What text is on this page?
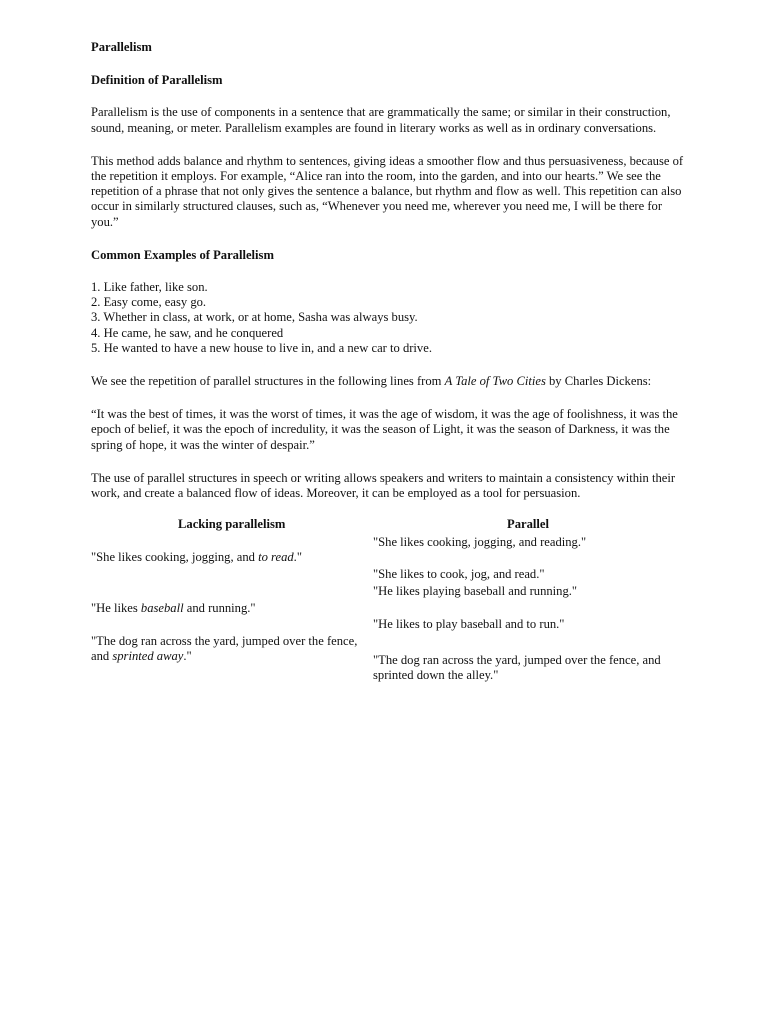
Parallelism

Definition of Parallelism

Parallelism is the use of components in a sentence that are grammatically the same; or similar in their construction, sound, meaning, or meter. Parallelism examples are found in literary works as well as in ordinary conversations.

This method adds balance and rhythm to sentences, giving ideas a smoother flow and thus persuasiveness, because of the repetition it employs. For example, “Alice ran into the room, into the garden, and into our hearts.” We see the repetition of a phrase that not only gives the sentence a balance, but rhythm and flow as well. This repetition can also occur in similarly structured clauses, such as, “Whenever you need me, wherever you need me, I will be there for you.”

Common Examples of Parallelism

1. Like father, like son.
2. Easy come, easy go.
3. Whether in class, at work, or at home, Sasha was always busy.
4. He came, he saw, and he conquered
5. He wanted to have a new house to live in, and a new car to drive.

We see the repetition of parallel structures in the following lines from A Tale of Two Cities by Charles Dickens:

“It was the best of times, it was the worst of times, it was the age of wisdom, it was the age of foolishness, it was the epoch of belief, it was the epoch of incredulity, it was the season of Light, it was the season of Darkness, it was the spring of hope, it was the winter of despair.”

The use of parallel structures in speech or writing allows speakers and writers to maintain a consistency within their work, and create a balanced flow of ideas. Moreover, it can be employed as a tool for persuasion.

Lacking parallelism

"She likes cooking, jogging, and to read."

"He likes baseball and running."

"The dog ran across the yard, jumped over the fence, and sprinted away."

Parallel

"She likes cooking, jogging, and reading."

"She likes to cook, jog, and read."

"He likes playing baseball and running."

"He likes to play baseball and to run."

"The dog ran across the yard, jumped over the fence, and sprinted down the alley."
